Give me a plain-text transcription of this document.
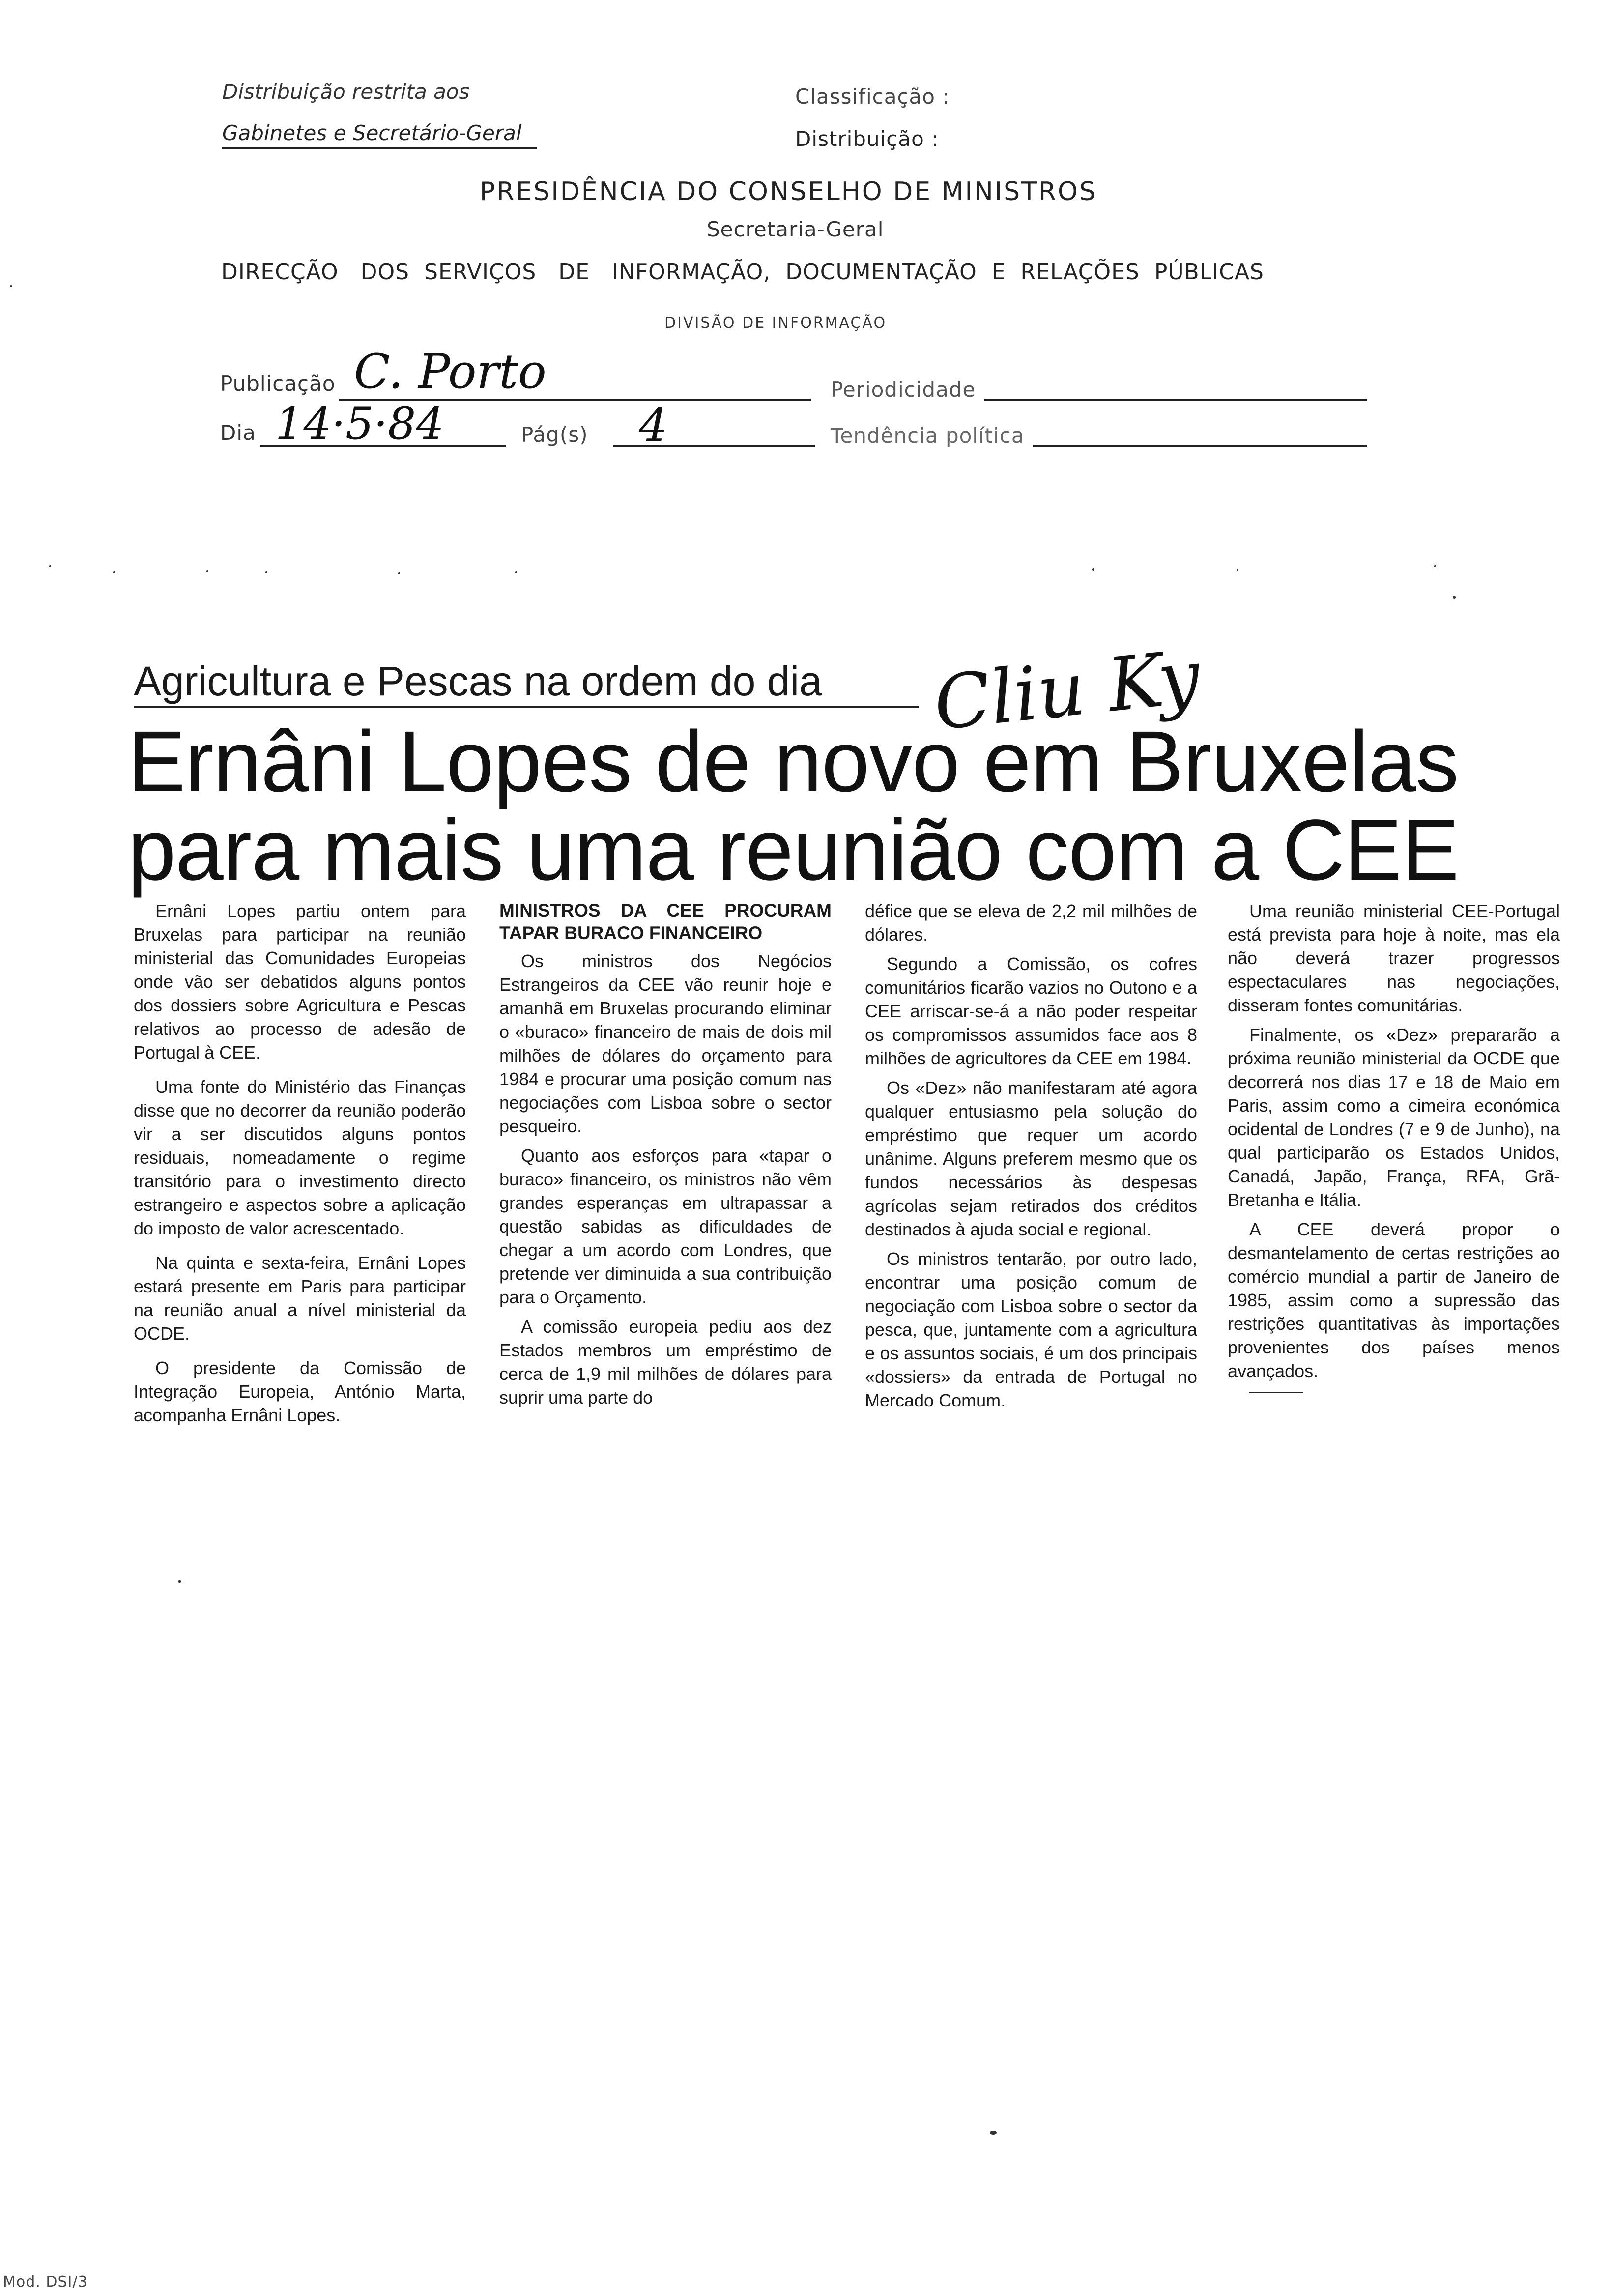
Distribuição restrita aos
Gabinetes e Secretário-Geral
Classificação :
Distribuição :
PRESIDÊNCIA DO CONSELHO DE MINISTROS
Secretaria-Geral
DIRECÇÃO   DOS  SERVIÇOS   DE   INFORMAÇÃO,  DOCUMENTAÇÃO  E  RELAÇÕES  PÚBLICAS
DIVISÃO DE INFORMAÇÃO
Publicação C. Porto	Periodicidade
Dia 14·5·84	Pág(s) 4	Tendência política
Agricultura e Pescas na ordem do dia	Cliu Ky
Ernâni Lopes de novo em Bruxelas
para mais uma reunião com a CEE

Ernâni Lopes partiu ontem para Bruxelas para participar na reunião ministerial das Comunidades Europeias onde vão ser debatidos alguns pontos dos dossiers sobre Agricultura e Pescas relativos ao processo de adesão de Portugal à CEE.

Uma fonte do Ministério das Finanças disse que no decorrer da reunião poderão vir a ser discutidos alguns pontos residuais, nomeadamente o regime transitório para o investimento directo estrangeiro e aspectos sobre a aplicação do imposto de valor acrescentado.

Na quinta e sexta-feira, Ernâni Lopes estará presente em Paris para participar na reunião anual a nível ministerial da OCDE.

O presidente da Comissão de Integração Europeia, António Marta, acompanha Ernâni Lopes.

MINISTROS DA CEE PROCURAM TAPAR BURACO FINANCEIRO

Os ministros dos Negócios Estrangeiros da CEE vão reunir hoje e amanhã em Bruxelas procurando eliminar o «buraco» financeiro de mais de dois mil milhões de dólares do orçamento para 1984 e procurar uma posição comum nas negociações com Lisboa sobre o sector pesqueiro.

Quanto aos esforços para «tapar o buraco» financeiro, os ministros não vêm grandes esperanças em ultrapassar a questão sabidas as dificuldades de chegar a um acordo com Londres, que pretende ver diminuida a sua contribuição para o Orçamento.

A comissão europeia pediu aos dez Estados membros um empréstimo de cerca de 1,9 mil milhões de dólares para suprir uma parte do

défice que se eleva de 2,2 mil milhões de dólares.

Segundo a Comissão, os cofres comunitários ficarão vazios no Outono e a CEE arriscar-se-á a não poder respeitar os compromissos assumidos face aos 8 milhões de agricultores da CEE em 1984.

Os «Dez» não manifestaram até agora qualquer entusiasmo pela solução do empréstimo que requer um acordo unânime. Alguns preferem mesmo que os fundos necessários às despesas agrícolas sejam retirados dos créditos destinados à ajuda social e regional.

Os ministros tentarão, por outro lado, encontrar uma posição comum de negociação com Lisboa sobre o sector da pesca, que, juntamente com a agricultura e os assuntos sociais, é um dos principais «dossiers» da entrada de Portugal no Mercado Comum.

Uma reunião ministerial CEE-Portugal está prevista para hoje à noite, mas ela não deverá trazer progressos espectaculares nas negociações, disseram fontes comunitárias.

Finalmente, os «Dez» prepararão a próxima reunião ministerial da OCDE que decorrerá nos dias 17 e 18 de Maio em Paris, assim como a cimeira económica ocidental de Londres (7 e 9 de Junho), na qual participarão os Estados Unidos, Canadá, Japão, França, RFA, Grã-Bretanha e Itália.

A CEE deverá propor o desmantelamento de certas restrições ao comércio mundial a partir de Janeiro de 1985, assim como a supressão das restrições quantitativas às importações provenientes dos países menos avançados.

Mod. DSI/3
